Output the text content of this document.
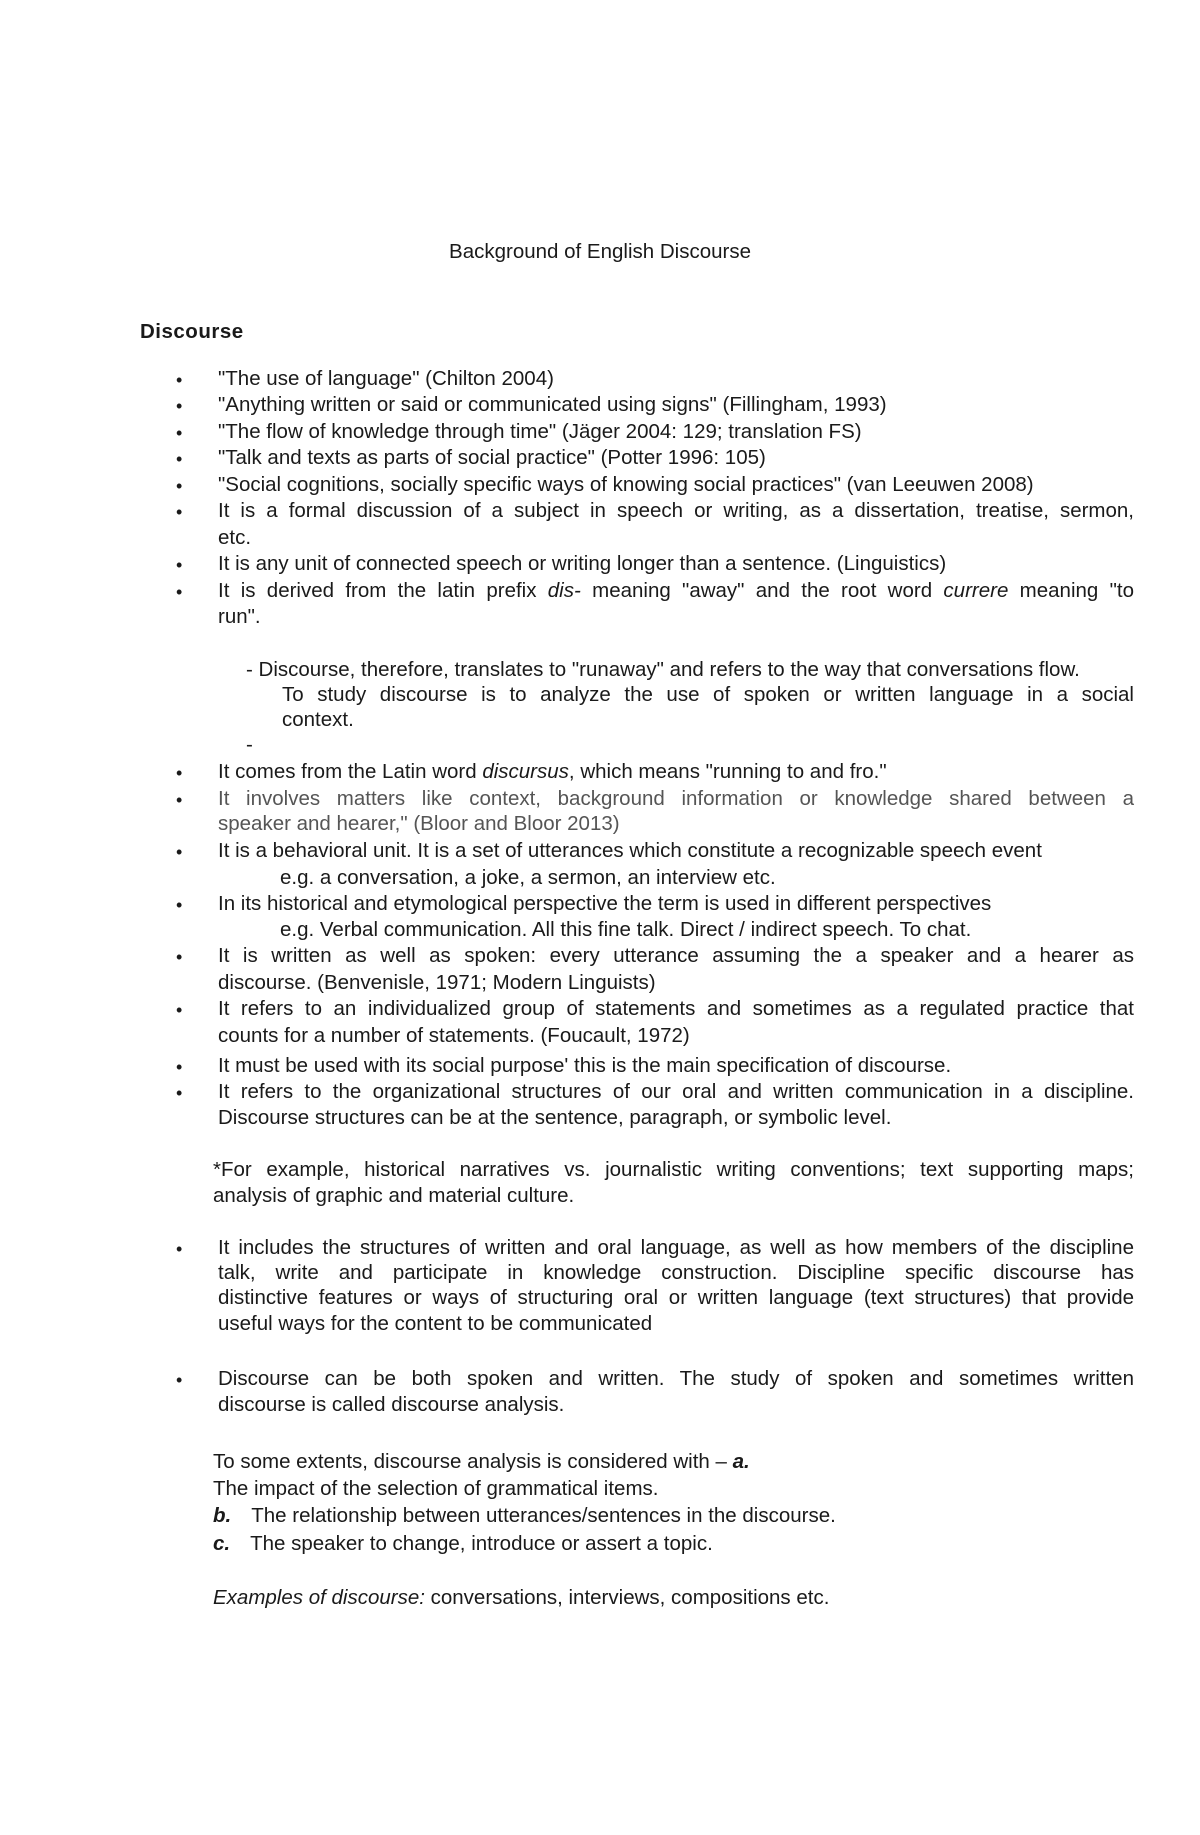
Background of English Discourse
Discourse
• "The use of language" (Chilton 2004)
• "Anything written or said or communicated using signs" (Fillingham, 1993)
• "The flow of knowledge through time" (Jäger 2004: 129; translation FS)
• "Talk and texts as parts of social practice" (Potter 1996: 105)
• "Social cognitions, socially specific ways of knowing social practices" (van Leeuwen 2008)
• It is a formal discussion of a subject in speech or writing, as a dissertation, treatise, sermon,
etc.
• It is any unit of connected speech or writing longer than a sentence. (Linguistics)
• It is derived from the latin prefix dis- meaning "away" and the root word currere meaning "to
run".
- Discourse, therefore, translates to "runaway" and refers to the way that conversations flow.
To study discourse is to analyze the use of spoken or written language in a social
context.
-
• It comes from the Latin word discursus, which means "running to and fro."
• It involves matters like context, background information or knowledge shared between a
speaker and hearer," (Bloor and Bloor 2013)
• It is a behavioral unit. It is a set of utterances which constitute a recognizable speech event
e.g. a conversation, a joke, a sermon, an interview etc.
• In its historical and etymological perspective the term is used in different perspectives
e.g. Verbal communication. All this fine talk. Direct / indirect speech. To chat.
• It is written as well as spoken: every utterance assuming the a speaker and a hearer as
discourse. (Benvenisle, 1971; Modern Linguists)
• It refers to an individualized group of statements and sometimes as a regulated practice that
counts for a number of statements. (Foucault, 1972)
• It must be used with its social purpose' this is the main specification of discourse.
• It refers to the organizational structures of our oral and written communication in a discipline.
Discourse structures can be at the sentence, paragraph, or symbolic level.
*For example, historical narratives vs. journalistic writing conventions; text supporting maps;
analysis of graphic and material culture.
• It includes the structures of written and oral language, as well as how members of the discipline
talk, write and participate in knowledge construction. Discipline specific discourse has
distinctive features or ways of structuring oral or written language (text structures) that provide
useful ways for the content to be communicated
• Discourse can be both spoken and written. The study of spoken and sometimes written
discourse is called discourse analysis.
To some extents, discourse analysis is considered with – a.
The impact of the selection of grammatical items.
b. The relationship between utterances/sentences in the discourse.
c. The speaker to change, introduce or assert a topic.
Examples of discourse: conversations, interviews, compositions etc.
